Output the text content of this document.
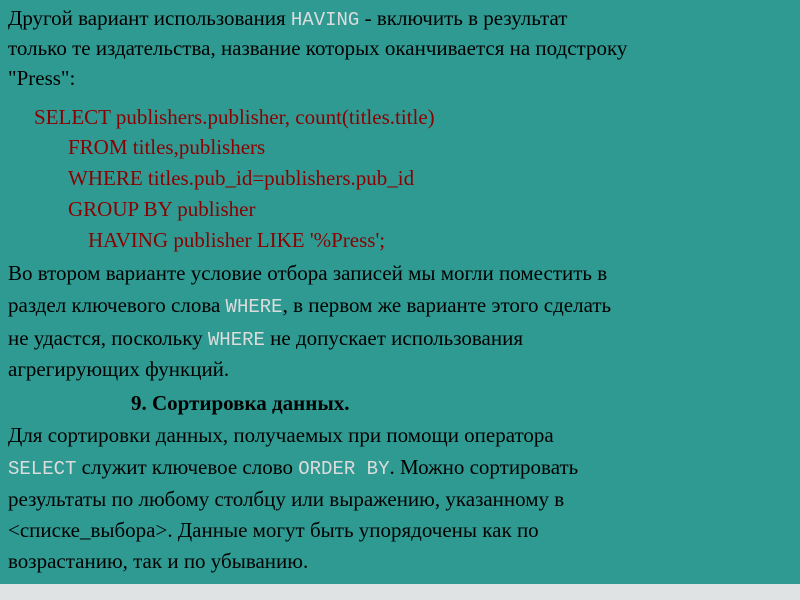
Другой вариант использования HAVING - включить в результат
только те издательства, название которых оканчивается на подстроку
"Press":
SELECT publishers.publisher, count(titles.title)
FROM titles,publishers
WHERE titles.pub_id=publishers.pub_id
GROUP BY publisher
HAVING publisher LIKE '%Press';
Во втором варианте условие отбора записей мы могли поместить в
раздел ключевого слова WHERE, в первом же варианте этого сделать
не удастся, поскольку WHERE не допускает использования
агрегирующих функций.
9. Сортировка данных.
Для сортировки данных, получаемых при помощи оператора
SELECT служит ключевое слово ORDER BY. Можно сортировать
результаты по любому столбцу или выражению, указанному в
<списке_выбора>. Данные могут быть упорядочены как по
возрастанию, так и по убыванию.
